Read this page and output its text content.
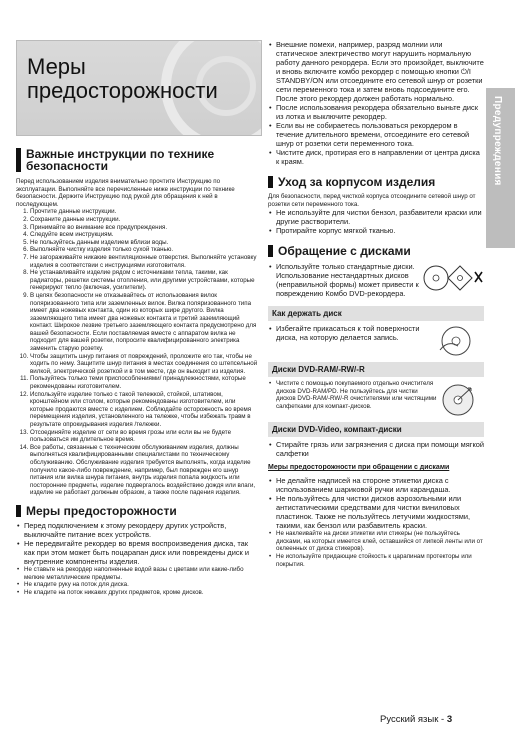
Меры предосторожности
Предупреждения
Важные инструкции по технике безопасности
Перед использованием изделия внимательно прочтите Инструкцию по эксплуатации. Выполняйте все перечисленные ниже инструкции по технике безопасности. Держите Инструкцию под рукой для обращения к ней в последующем.
1. Прочтите данные инструкции.
2. Сохраните данные инструкции.
3. Принимайте во внимание все предупреждения.
4. Следуйте всем инструкциям.
5. Не пользуйтесь данным изделием вблизи воды.
6. Выполняйте чистку изделия только сухой тканью.
7. Не загораживайте никакие вентиляционные отверстия. Выполняйте установку изделия в соответствии с инструкциями изготовителя.
8. Не устанавливайте изделие рядом с источниками тепла, такими, как радиаторы, решетки системы отопления, или другими устройствами, которые генерируют тепло (включая, усилители).
9. В целях безопасности не отказывайтесь от использования вилок поляризованного типа или заземленных вилок. Вилка поляризованного типа имеет два ножевых контакта, один из которых шире другого. Вилка заземляющего типа имеет два ножевых контакта и третий заземляющий контакт. Широкое лезвие третьего заземляющего контакта предусмотрено для вашей безопасности. Если поставляемая вместе с аппаратом вилка не подходит для вашей розетки, попросите квалифицированного электрика заменить старую розетку.
10. Чтобы защитить шнур питания от повреждений, проложите его так, чтобы не ходить по нему. Защитите шнур питания в местах соединения со штепсельной вилкой, электрической розеткой и в том месте, где он выходит из изделия.
11. Пользуйтесь только теми приспособлениями/ принадлежностями, которые рекомендованы изготовителем.
12. Используйте изделие только с такой тележкой, стойкой, штативом, кронштейном или столом, которые рекомендованы изготовителем, или которые продаются вместе с изделием. Соблюдайте осторожность во время перемещения изделия, установленного на тележке, чтобы избежать травм в результате опрокидывания изделия /тележки.
13. Отсоединяйте изделие от сети во время грозы или если вы не будете пользоваться им длительное время.
14. Все работы, связанные с техническим обслуживанием изделия, должны выполняться квалифицированными специалистами по техническому обслуживанию. Обслуживание изделия требуется выполнять, когда изделие получило какое-либо повреждение, например, был поврежден его шнур питания или вилка шнура питания, внутрь изделия попала жидкость или посторонние предметы, изделие подвергалось воздействию дождя или влаги, изделие не работает должным образом, а также после падения изделия.
Меры предосторожности
• Перед подключением к этому рекордеру других устройств, выключайте питание всех устройств.
• Не передвигайте рекордер во время воспроизведения диска, так как при этом может быть поцарапан диск или повреждены диск и внутренние компоненты изделия.
• Не ставьте на рекордер наполненные водой вазы с цветами или какие-либо мелкие металлические предметы.
• Не кладите руку на поток для диска.
• Не кладите на поток никаких других предметов, кроме дисков.
• Внешние помехи, например, разряд молнии или статическое электричество могут нарушить нормальную работу данного рекордера. Если это произойдет, выключите и вновь включите комбо рекордер с помощью кнопки ⏻/I STANDBY/ON или отсоедините его сетевой шнур от розетки сети переменного тока и затем вновь подсоедините его. После этого рекордер должен работать нормально.
• После использования рекордера обязательно выньте диск из лотка и выключите рекордер.
• Если вы не собираетесь пользоваться рекордером в течение длительного времени, отсоедините его сетевой шнур от розетки сети переменного тока.
• Чистите диск, протирая его в направлении от центра диска к краям.
Уход за корпусом изделия
Для безопасности, перед чисткой корпуса отсоедините сетевой шнур от розетки сети переменного тока.
• Не используйте для чистки бензол, разбавители краски или другие растворители.
• Протирайте корпус мягкой тканью.
Обращение с дисками
• Используйте только стандартные диски. Использование нестандартных дисков (неправильной формы) может привести к повреждению Комбо DVD-рекордера.
Как держать диск
• Избегайте прикасаться к той поверхности диска, на которую делается запись.
Диски DVD-RAM/-RW/-R
• Чистите с помощью покупаемого отдельно очистителя дисков DVD-RAM/PD. Не пользуйтесь для чистки дисков DVD-RAM/-RW/-R очистителями или чистящими салфетками для компакт-дисков.
Диски DVD-Video, компакт-диски
• Стирайте грязь или загрязнения с диска при помощи мягкой салфетки
Меры предосторожности при обращении с дисками
• Не делайте надписей на стороне этикетки диска с использованием шариковой ручки или карандаша.
• Не пользуйтесь для чистки дисков аэрозольными или антистатическими средствами для чистки виниловых пластинок. Также не пользуйтесь летучими жидкостями, такими, как бензол или разбавитель краски.
• Не наклеивайте на диски этикетки или стикеры (не пользуйтесь дисками, на которых имеется клей, оставшийся от липкой ленты или от оклеенных от диска стикеров).
• Не используйте придающие стойкость к царапинам протекторы или покрытия.
Русский язык - 3
